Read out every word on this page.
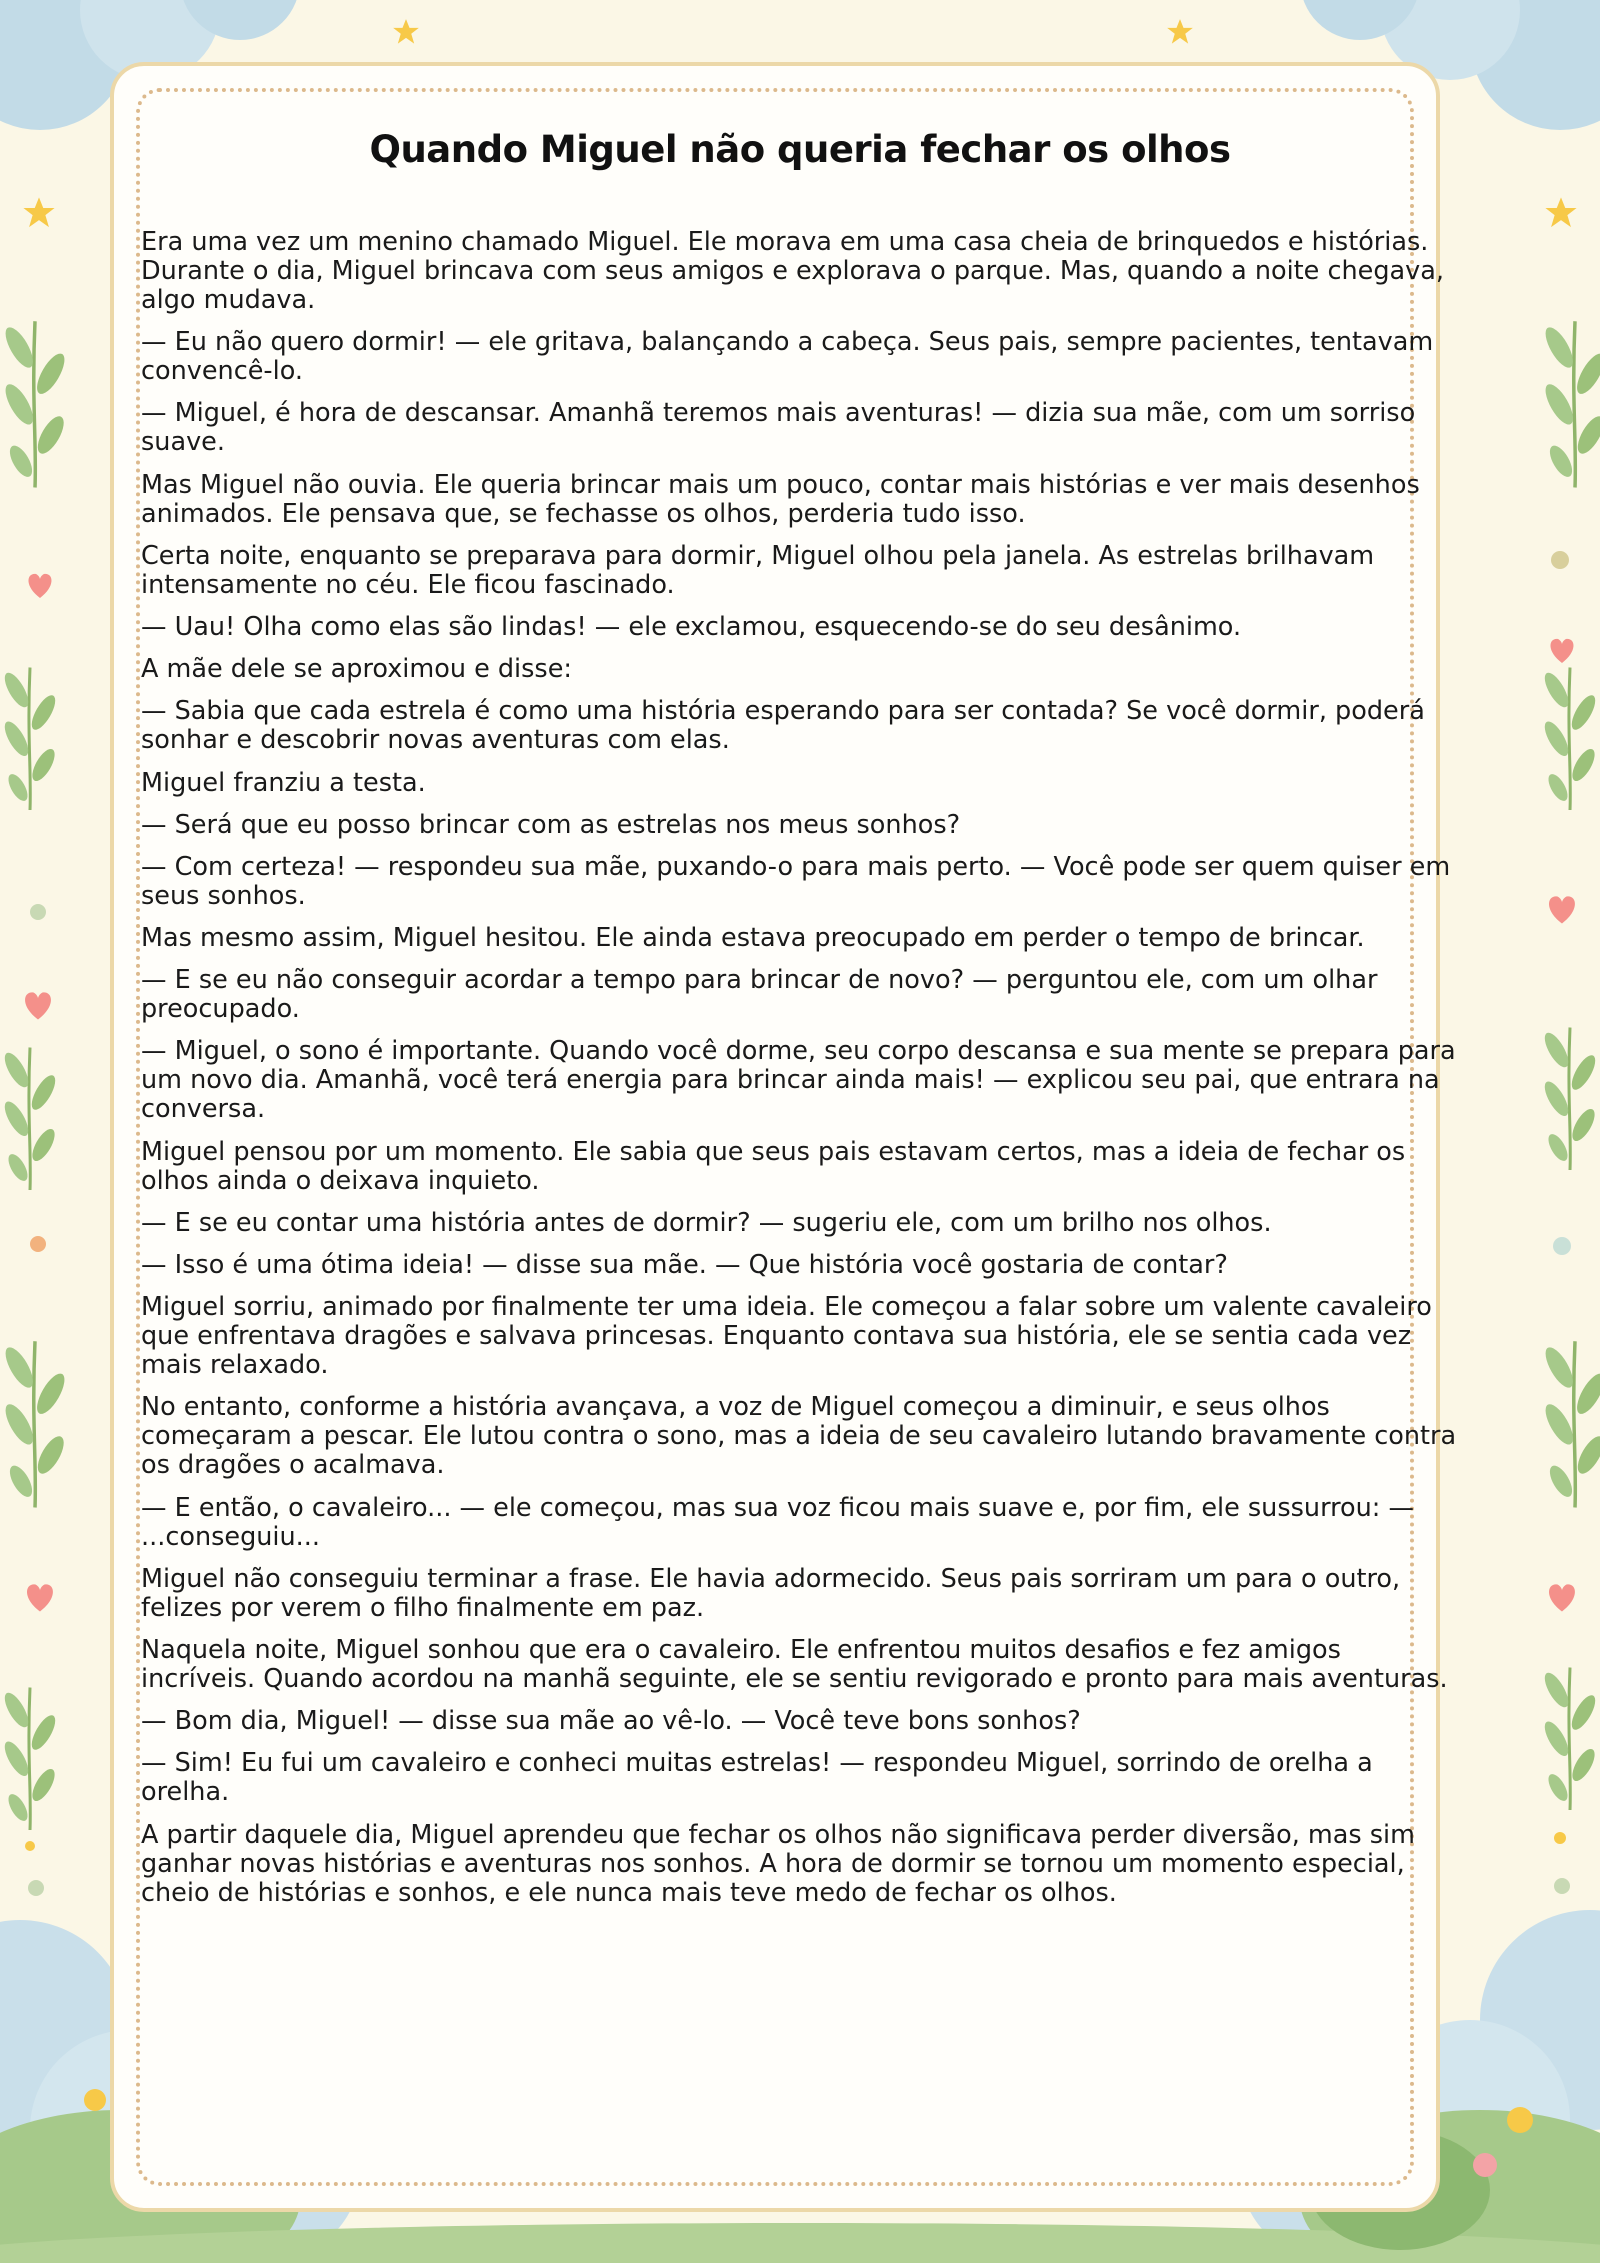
Quando Miguel não queria fechar os olhos

Era uma vez um menino chamado Miguel. Ele morava em uma casa cheia de brinquedos e histórias. Durante o dia, Miguel brincava com seus amigos e explorava o parque. Mas, quando a noite chegava, algo mudava.

— Eu não quero dormir! — ele gritava, balançando a cabeça. Seus pais, sempre pacientes, tentavam convencê-lo.

— Miguel, é hora de descansar. Amanhã teremos mais aventuras! — dizia sua mãe, com um sorriso suave.

Mas Miguel não ouvia. Ele queria brincar mais um pouco, contar mais histórias e ver mais desenhos animados. Ele pensava que, se fechasse os olhos, perderia tudo isso.

Certa noite, enquanto se preparava para dormir, Miguel olhou pela janela. As estrelas brilhavam intensamente no céu. Ele ficou fascinado.

— Uau! Olha como elas são lindas! — ele exclamou, esquecendo-se do seu desânimo.

A mãe dele se aproximou e disse:

— Sabia que cada estrela é como uma história esperando para ser contada? Se você dormir, poderá sonhar e descobrir novas aventuras com elas.

Miguel franziu a testa.

— Será que eu posso brincar com as estrelas nos meus sonhos?

— Com certeza! — respondeu sua mãe, puxando-o para mais perto. — Você pode ser quem quiser em seus sonhos.

Mas mesmo assim, Miguel hesitou. Ele ainda estava preocupado em perder o tempo de brincar.

— E se eu não conseguir acordar a tempo para brincar de novo? — perguntou ele, com um olhar preocupado.

— Miguel, o sono é importante. Quando você dorme, seu corpo descansa e sua mente se prepara para um novo dia. Amanhã, você terá energia para brincar ainda mais! — explicou seu pai, que entrara na conversa.

Miguel pensou por um momento. Ele sabia que seus pais estavam certos, mas a ideia de fechar os olhos ainda o deixava inquieto.

— E se eu contar uma história antes de dormir? — sugeriu ele, com um brilho nos olhos.

— Isso é uma ótima ideia! — disse sua mãe. — Que história você gostaria de contar?

Miguel sorriu, animado por finalmente ter uma ideia. Ele começou a falar sobre um valente cavaleiro que enfrentava dragões e salvava princesas. Enquanto contava sua história, ele se sentia cada vez mais relaxado.

No entanto, conforme a história avançava, a voz de Miguel começou a diminuir, e seus olhos começaram a pescar. Ele lutou contra o sono, mas a ideia de seu cavaleiro lutando bravamente contra os dragões o acalmava.

— E então, o cavaleiro... — ele começou, mas sua voz ficou mais suave e, por fim, ele sussurrou: — ...conseguiu...

Miguel não conseguiu terminar a frase. Ele havia adormecido. Seus pais sorriram um para o outro, felizes por verem o filho finalmente em paz.

Naquela noite, Miguel sonhou que era o cavaleiro. Ele enfrentou muitos desafios e fez amigos incríveis. Quando acordou na manhã seguinte, ele se sentiu revigorado e pronto para mais aventuras.

— Bom dia, Miguel! — disse sua mãe ao vê-lo. — Você teve bons sonhos?

— Sim! Eu fui um cavaleiro e conheci muitas estrelas! — respondeu Miguel, sorrindo de orelha a orelha.

A partir daquele dia, Miguel aprendeu que fechar os olhos não significava perder diversão, mas sim ganhar novas histórias e aventuras nos sonhos. A hora de dormir se tornou um momento especial, cheio de histórias e sonhos, e ele nunca mais teve medo de fechar os olhos.
